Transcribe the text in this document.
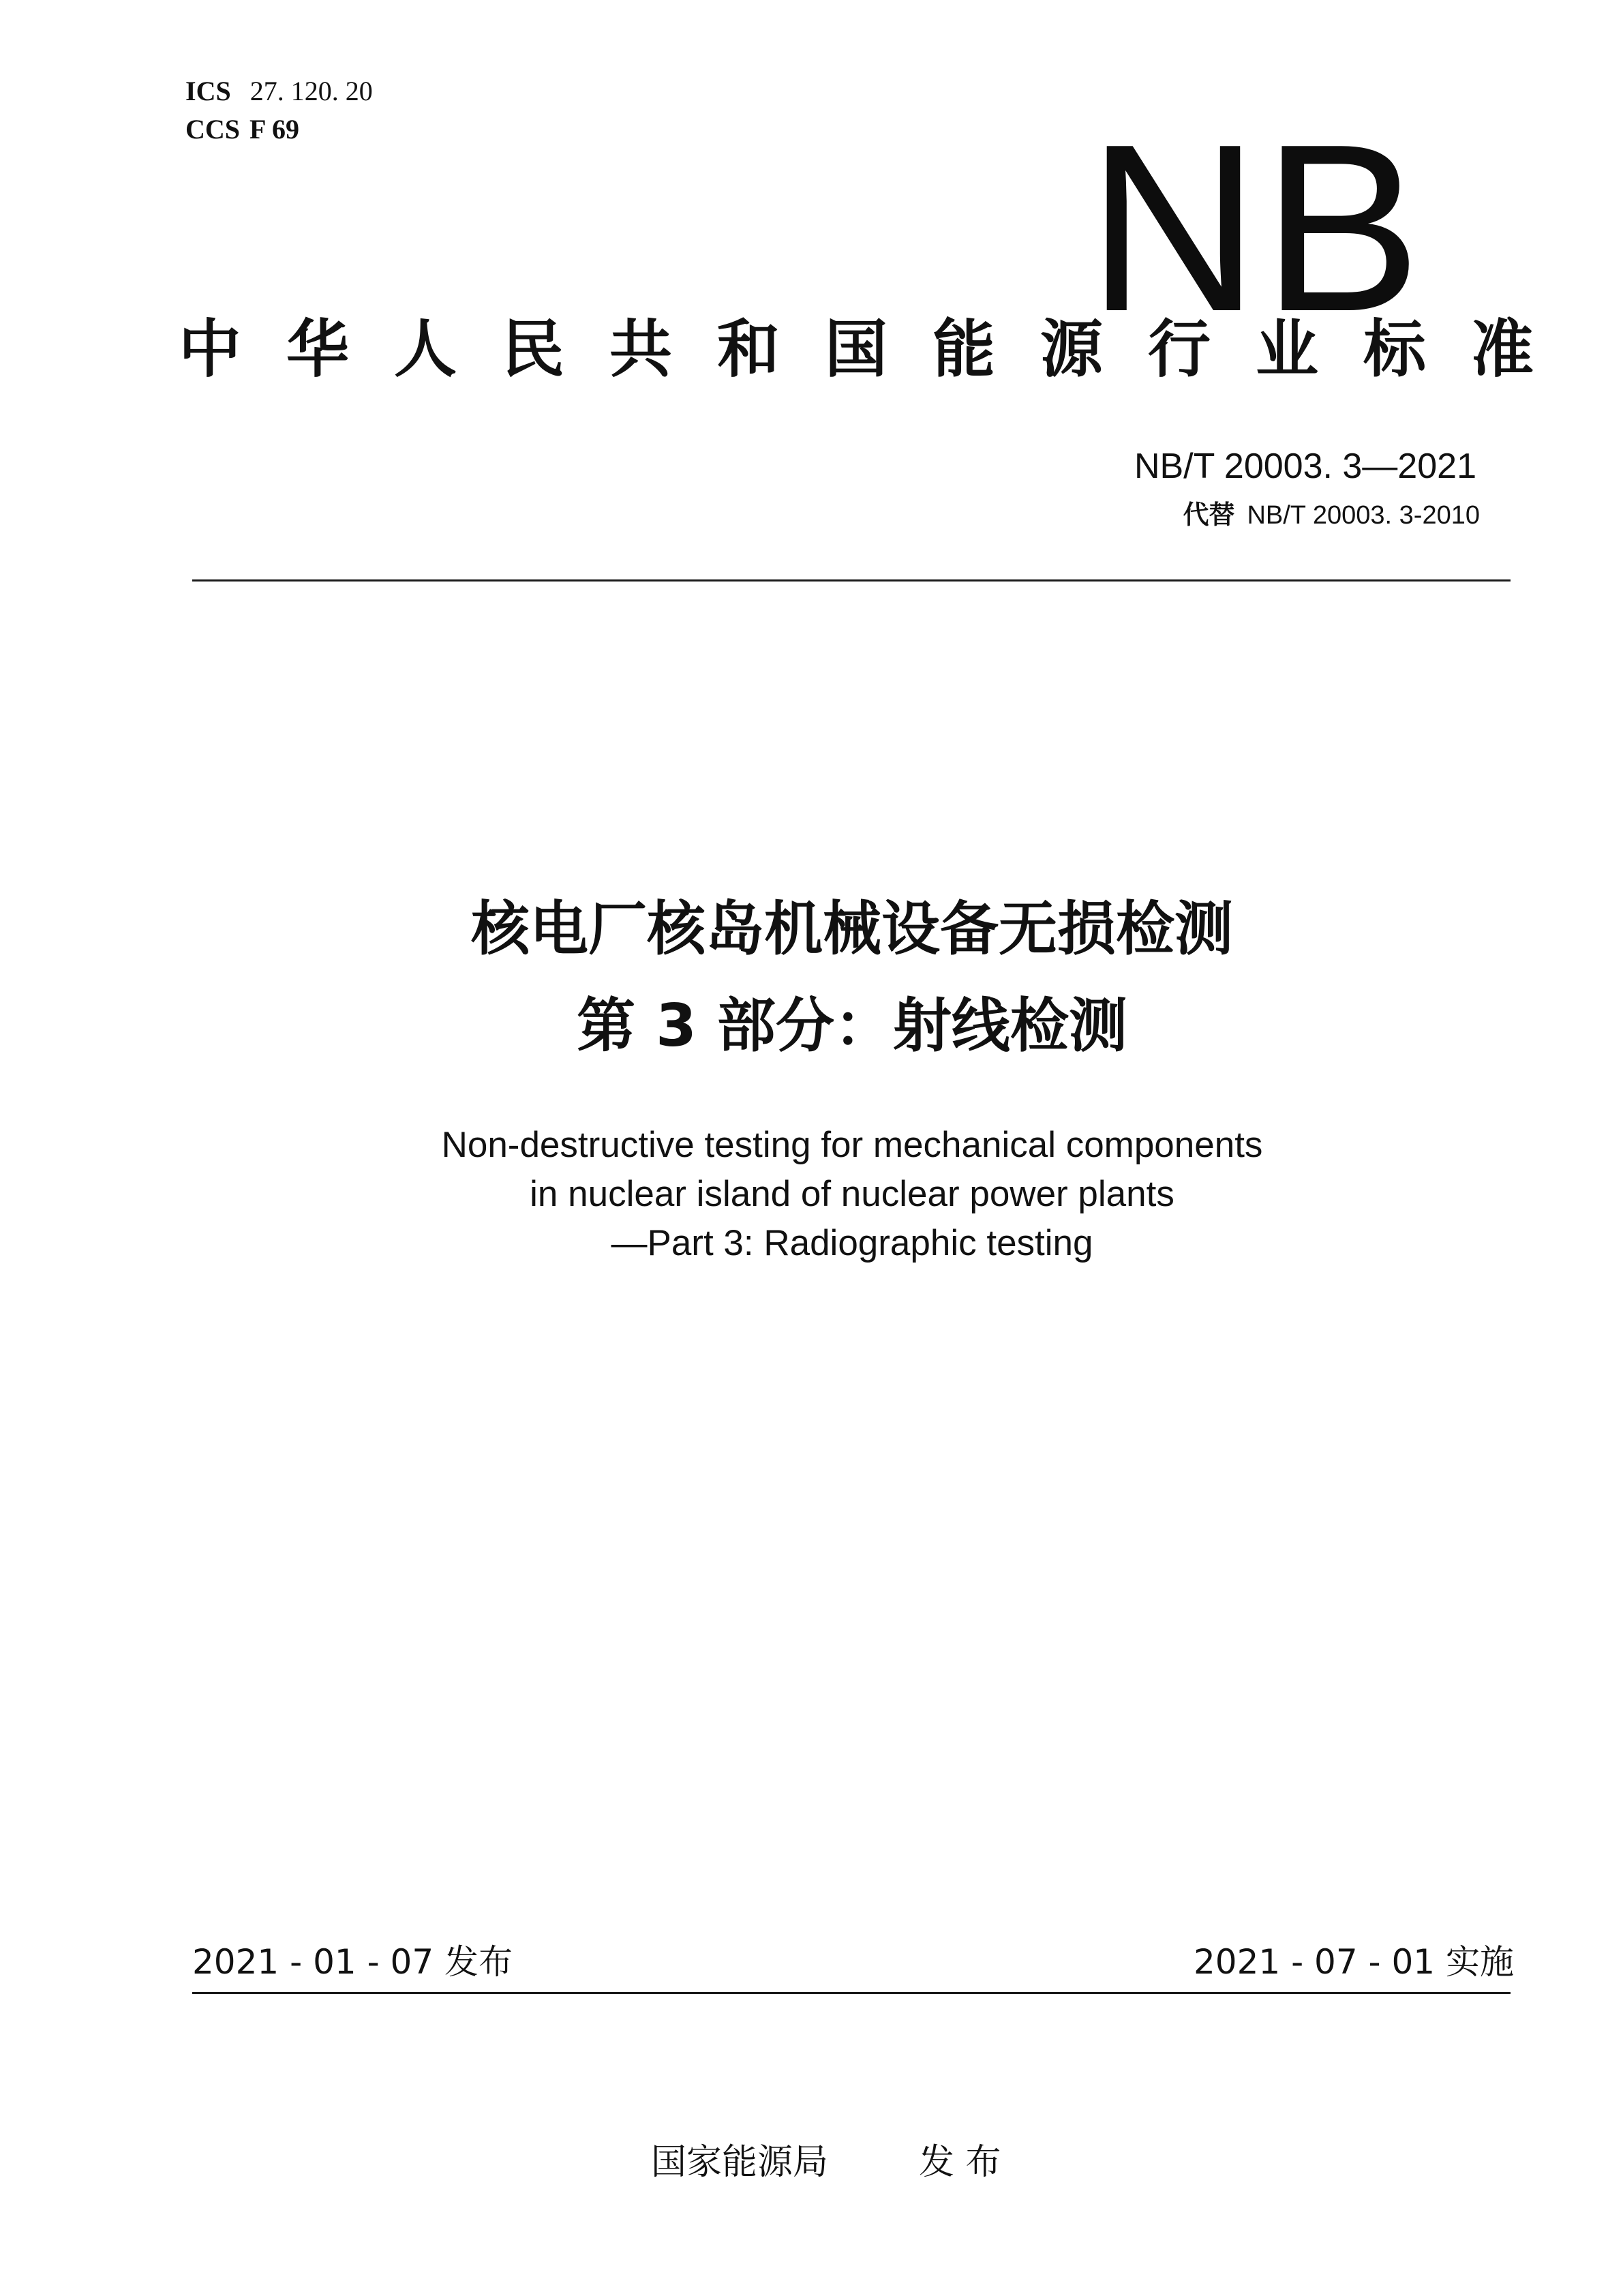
ICS 27. 120. 20
CCS F 69	NB
中华人民共和国能源行业标准
NB/T 20003. 3—2021
代替 NB/T 20003. 3-2010
核电厂核岛机械设备无损检测
第 3 部分：射线检测
Non-destructive testing for mechanical components
in nuclear island of nuclear power plants
—Part 3: Radiographic testing
2021 - 01 - 07 发布	2021 - 07 - 01 实施
国家能源局	发 布
